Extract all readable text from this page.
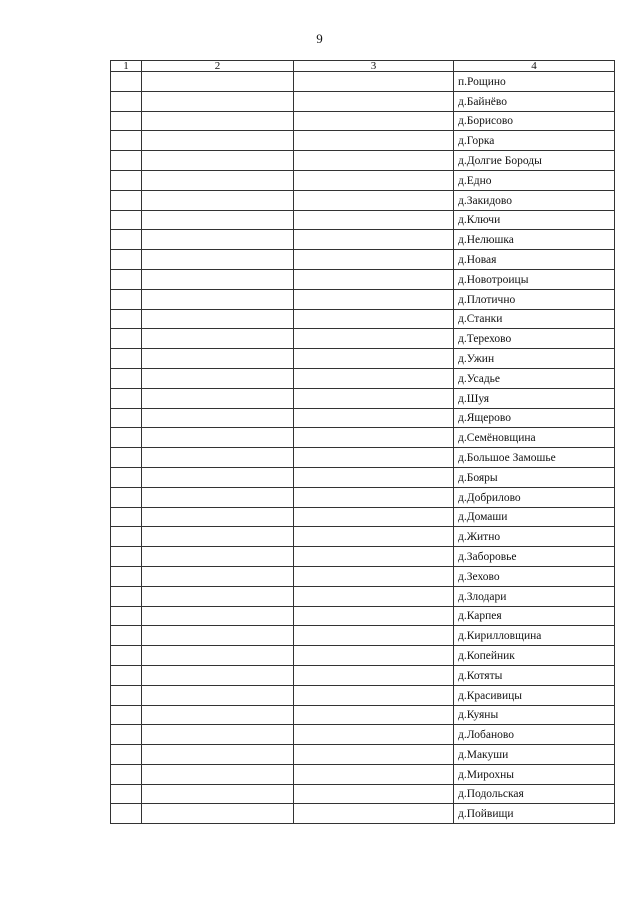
9
1	2	3	4
			п.Рощино
			д.Байнёво
			д.Борисово
			д.Горка
			д.Долгие Бороды
			д.Едно
			д.Закидово
			д.Ключи
			д.Нелюшка
			д.Новая
			д.Новотроицы
			д.Плотично
			д.Станки
			д.Терехово
			д.Ужин
			д.Усадье
			д.Шуя
			д.Ящерово
			д.Семёновщина
			д.Большое Замошье
			д.Бояры
			д.Добрилово
			д.Домаши
			д.Житно
			д.Заборовье
			д.Зехово
			д.Злодари
			д.Карпея
			д.Кирилловщина
			д.Копейник
			д.Котяты
			д.Красивицы
			д.Куяны
			д.Лобаново
			д.Макуши
			д.Мирохны
			д.Подольская
			д.Пойвищи
